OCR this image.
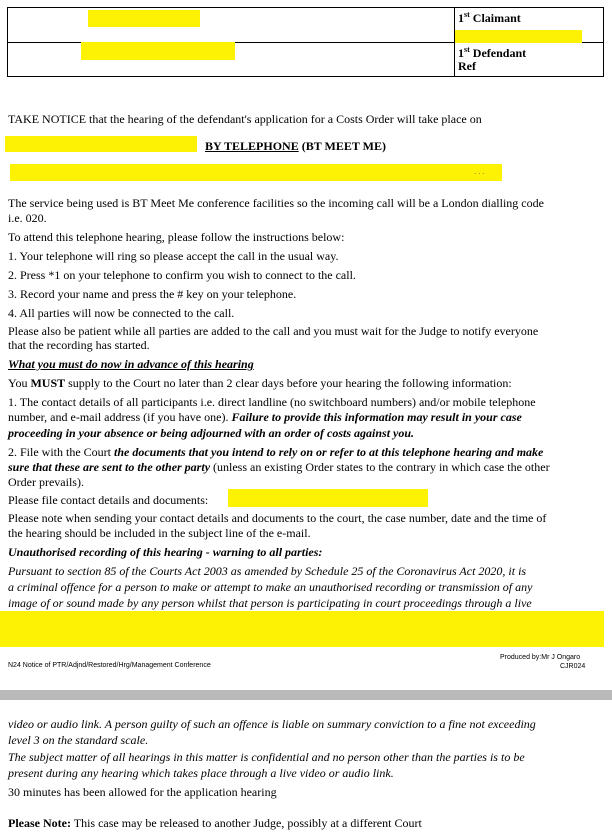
	1st Claimant

	1st Defendant
Ref
TAKE NOTICE that the hearing of the defendant's application for a Costs Order will take place on
BY TELEPHONE (BT MEET ME)
· · ·
The service being used is BT Meet Me conference facilities so the incoming call will be a London dialling code
i.e. 020.
To attend this telephone hearing, please follow the instructions below:
1. Your telephone will ring so please accept the call in the usual way.
2. Press *1 on your telephone to confirm you wish to connect to the call.
3. Record your name and press the # key on your telephone.
4. All parties will now be connected to the call.
Please also be patient while all parties are added to the call and you must wait for the Judge to notify everyone
that the recording has started.
What you must do now in advance of this hearing
You MUST supply to the Court no later than 2 clear days before your hearing the following information:
1. The contact details of all participants i.e. direct landline (no switchboard numbers) and/or mobile telephone
number, and e-mail address (if you have one). Failure to provide this information may result in your case
proceeding in your absence or being adjourned with an order of costs against you.
2. File with the Court the documents that you intend to rely on or refer to at this telephone hearing and make
sure that these are sent to the other party (unless an existing Order states to the contrary in which case the other
Order prevails).
Please file contact details and documents:
Please note when sending your contact details and documents to the court, the case number, date and the time of
the hearing should be included in the subject line of the e-mail.
Unauthorised recording of this hearing - warning to all parties:
Pursuant to section 85 of the Courts Act 2003 as amended by Schedule 25 of the Coronavirus Act 2020, it is
a criminal offence for a person to make or attempt to make an unauthorised recording or transmission of any
image of or sound made by any person whilst that person is participating in court proceedings through a live
N24 Notice of PTR/Adjnd/Restored/Hrg/Management Conference
Produced by:Mr J Ongaro
CJR024
video or audio link. A person guilty of such an offence is liable on summary conviction to a fine not exceeding
level 3 on the standard scale.
The subject matter of all hearings in this matter is confidential and no person other than the parties is to be
present during any hearing which takes place through a live video or audio link.
30 minutes has been allowed for the application hearing
Please Note: This case may be released to another Judge, possibly at a different Court
